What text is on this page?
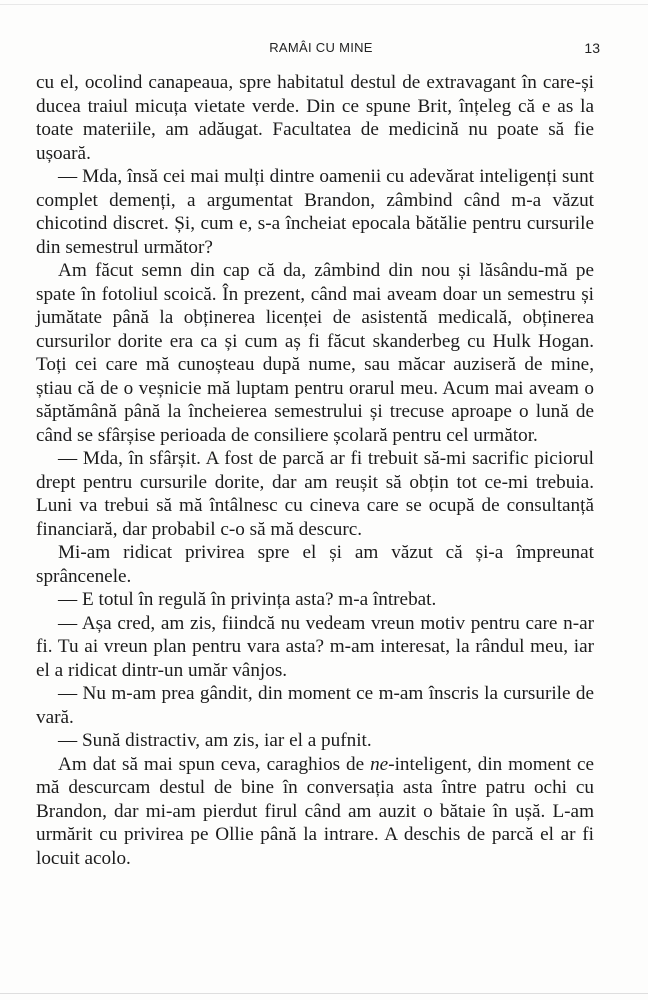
RAMÂI CU MINE	13

cu el, ocolind canapeaua, spre habitatul destul de extravagant în care-și ducea traiul micuța vietate verde. Din ce spune Brit, înțeleg că e as la toate materiile, am adăugat. Facultatea de medicină nu poate să fie ușoară.

— Mda, însă cei mai mulți dintre oamenii cu adevărat inteligenți sunt complet demenți, a argumentat Brandon, zâmbind când m-a văzut chicotind discret. Și, cum e, s-a încheiat epocala bătălie pentru cursurile din semestrul următor?

Am făcut semn din cap că da, zâmbind din nou și lăsându-mă pe spate în fotoliul scoică. În prezent, când mai aveam doar un semestru și jumătate până la obținerea licenței de asistentă medicală, obținerea cursurilor dorite era ca și cum aș fi făcut skanderbeg cu Hulk Hogan. Toți cei care mă cunoșteau după nume, sau măcar auziseră de mine, știau că de o veșnicie mă luptam pentru orarul meu. Acum mai aveam o săptămână până la încheierea semestrului și trecuse aproape o lună de când se sfârșise perioada de consiliere școlară pentru cel următor.

— Mda, în sfârșit. A fost de parcă ar fi trebuit să-mi sacrific piciorul drept pentru cursurile dorite, dar am reușit să obțin tot ce-mi trebuia. Luni va trebui să mă întâlnesc cu cineva care se ocupă de consultanță financiară, dar probabil c-o să mă descurc.

Mi-am ridicat privirea spre el și am văzut că și-a împreunat sprâncenele.

— E totul în regulă în privința asta? m-a întrebat.

— Așa cred, am zis, fiindcă nu vedeam vreun motiv pentru care n-ar fi. Tu ai vreun plan pentru vara asta? m-am interesat, la rândul meu, iar el a ridicat dintr-un umăr vânjos.

— Nu m-am prea gândit, din moment ce m-am înscris la cursurile de vară.

— Sună distractiv, am zis, iar el a pufnit.

Am dat să mai spun ceva, caraghios de ne-inteligent, din moment ce mă descurcam destul de bine în conversația asta între patru ochi cu Brandon, dar mi-am pierdut firul când am auzit o bătaie în ușă. L-am urmărit cu privirea pe Ollie până la intrare. A deschis de parcă el ar fi locuit acolo.
